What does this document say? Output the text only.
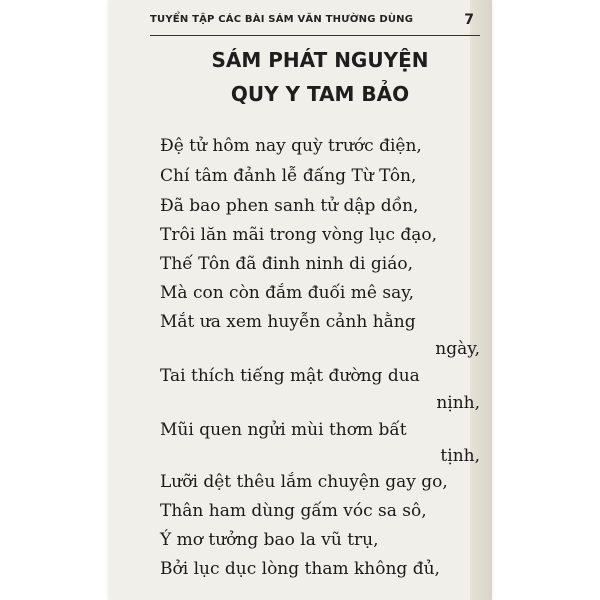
TUYỂN TẬP CÁC BÀI SÁM VĂN THƯỜNG DÙNG	7
SÁM PHÁT NGUYỆN
QUY Y TAM BẢO

Đệ tử hôm nay quỳ trước điện,

Chí tâm đảnh lễ đấng Từ Tôn,

Đã bao phen sanh tử dập dồn,

Trôi lăn mãi trong vòng lục đạo,

Thế Tôn đã đinh ninh di giáo,

Mà con còn đắm đuối mê say,

Mắt ưa xem huyễn cảnh hằng

ngày,

Tai thích tiếng mật đường dua

nịnh,

Mũi quen ngửi mùi thơm bất

tịnh,

Lưỡi dệt thêu lắm chuyện gay go,

Thân ham dùng gấm vóc sa sô,

Ý mơ tưởng bao la vũ trụ,

Bởi lục dục lòng tham không đủ,
